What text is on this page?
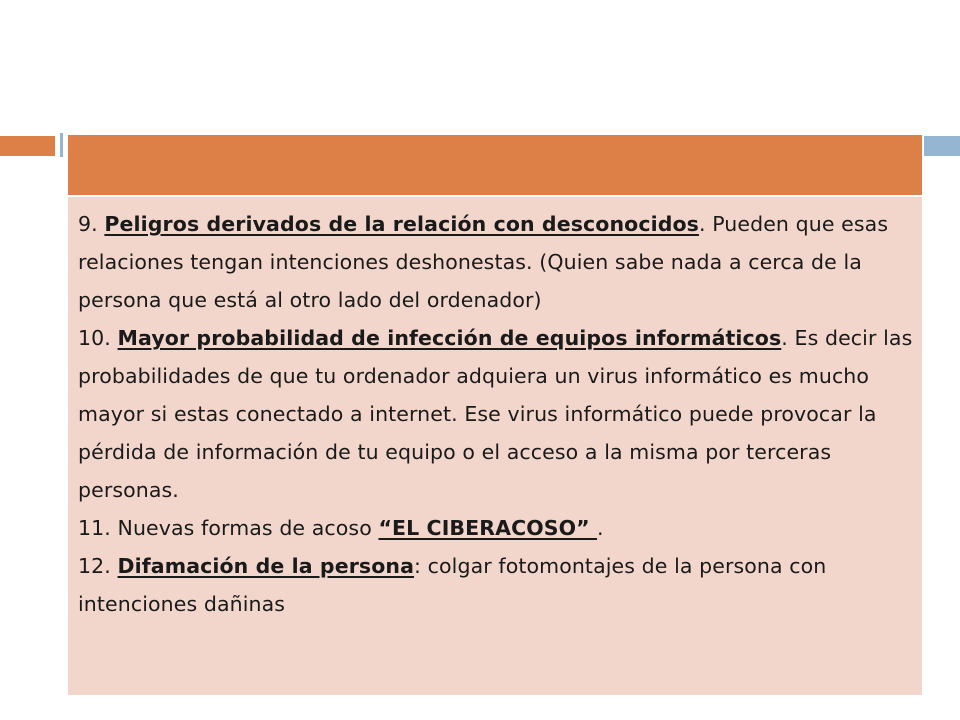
9. Peligros derivados de la relación con desconocidos. Pueden que esas relaciones tengan intenciones deshonestas. (Quien sabe nada a cerca de la persona que está al otro lado del ordenador)

10. Mayor probabilidad de infección de equipos informáticos. Es decir las probabilidades de que tu ordenador adquiera un virus informático es mucho mayor si estas conectado a internet. Ese virus informático puede provocar la pérdida de información de tu equipo o el acceso a la misma por terceras personas.

11. Nuevas formas de acoso “EL CIBERACOSO” .

12. Difamación de la persona: colgar fotomontajes de la persona con intenciones dañinas
